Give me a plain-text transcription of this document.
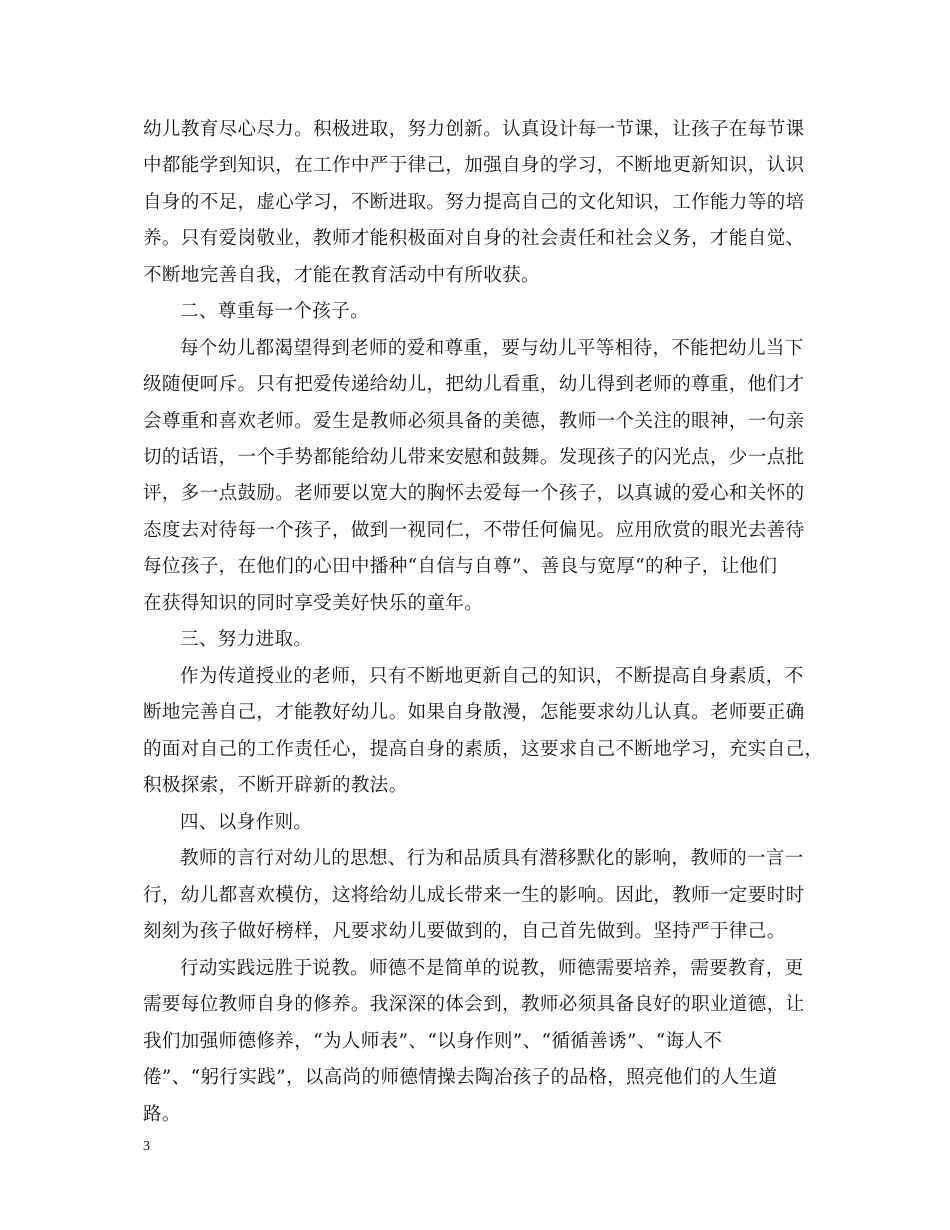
幼儿教育尽心尽力。积极进取，努力创新。认真设计每一节课，让孩子在每节课
中都能学到知识，在工作中严于律己，加强自身的学习，不断地更新知识，认识
自身的不足，虚心学习，不断进取。努力提高自己的文化知识，工作能力等的培
养。只有爱岗敬业，教师才能积极面对自身的社会责任和社会义务，才能自觉、
不断地完善自我，才能在教育活动中有所收获。
二、尊重每一个孩子。
每个幼儿都渴望得到老师的爱和尊重，要与幼儿平等相待，不能把幼儿当下
级随便呵斥。只有把爱传递给幼儿，把幼儿看重，幼儿得到老师的尊重，他们才
会尊重和喜欢老师。爱生是教师必须具备的美德，教师一个关注的眼神，一句亲
切的话语，一个手势都能给幼儿带来安慰和鼓舞。发现孩子的闪光点，少一点批
评，多一点鼓励。老师要以宽大的胸怀去爱每一个孩子，以真诚的爱心和关怀的
态度去对待每一个孩子，做到一视同仁，不带任何偏见。应用欣赏的眼光去善待
每位孩子，在他们的心田中播种“自信与自尊”、善良与宽厚“的种子，让他们
在获得知识的同时享受美好快乐的童年。
三、努力进取。
作为传道授业的老师，只有不断地更新自己的知识，不断提高自身素质，不
断地完善自己，才能教好幼儿。如果自身散漫，怎能要求幼儿认真。老师要正确
的面对自己的工作责任心，提高自身的素质，这要求自己不断地学习，充实自己，
积极探索，不断开辟新的教法。
四、以身作则。
教师的言行对幼儿的思想、行为和品质具有潜移默化的影响，教师的一言一
行，幼儿都喜欢模仿，这将给幼儿成长带来一生的影响。因此，教师一定要时时
刻刻为孩子做好榜样，凡要求幼儿要做到的，自己首先做到。坚持严于律己。
行动实践远胜于说教。师德不是简单的说教，师德需要培养，需要教育，更
需要每位教师自身的修养。我深深的体会到，教师必须具备良好的职业道德，让
我们加强师德修养，“为人师表”、“以身作则”、“循循善诱”、“诲人不
倦”、“躬行实践”，以高尚的师德情操去陶冶孩子的品格，照亮他们的人生道
路。
3
